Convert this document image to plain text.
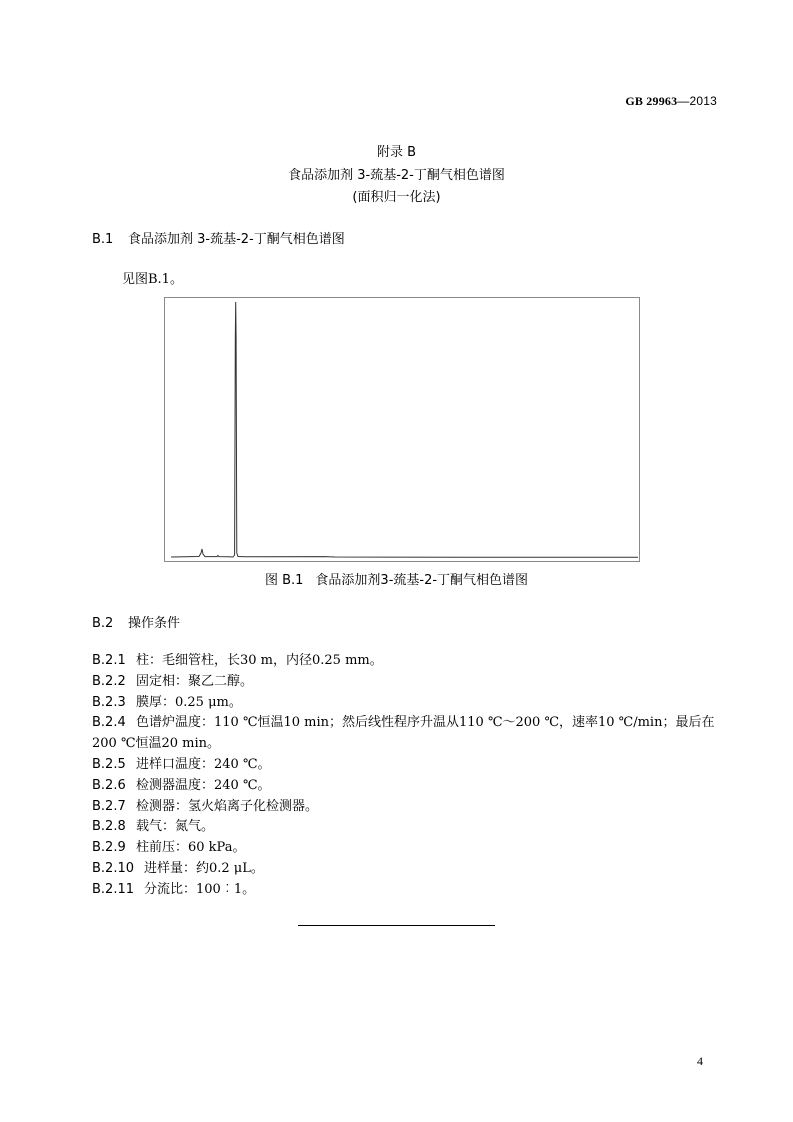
GB 29963—2013
附录 B
食品添加剂 3-巯基-2-丁酮气相色谱图
(面积归一化法)
B.1 食品添加剂 3-巯基-2-丁酮气相色谱图
见图B.1。
图 B.1 食品添加剂3-巯基-2-丁酮气相色谱图
B.2 操作条件
B.2.1 柱：毛细管柱，长30 m，内径0.25 mm。
B.2.2 固定相：聚乙二醇。
B.2.3 膜厚：0.25 μm。
B.2.4 色谱炉温度：110 ℃恒温10 min；然后线性程序升温从110 ℃～200 ℃，速率10 ℃/min；最后在200 ℃恒温20 min。
B.2.5 进样口温度：240 ℃。
B.2.6 检测器温度：240 ℃。
B.2.7 检测器：氢火焰离子化检测器。
B.2.8 载气：氮气。
B.2.9 柱前压：60 kPa。
B.2.10 进样量：约0.2 μL。
B.2.11 分流比：100︰1。
4
